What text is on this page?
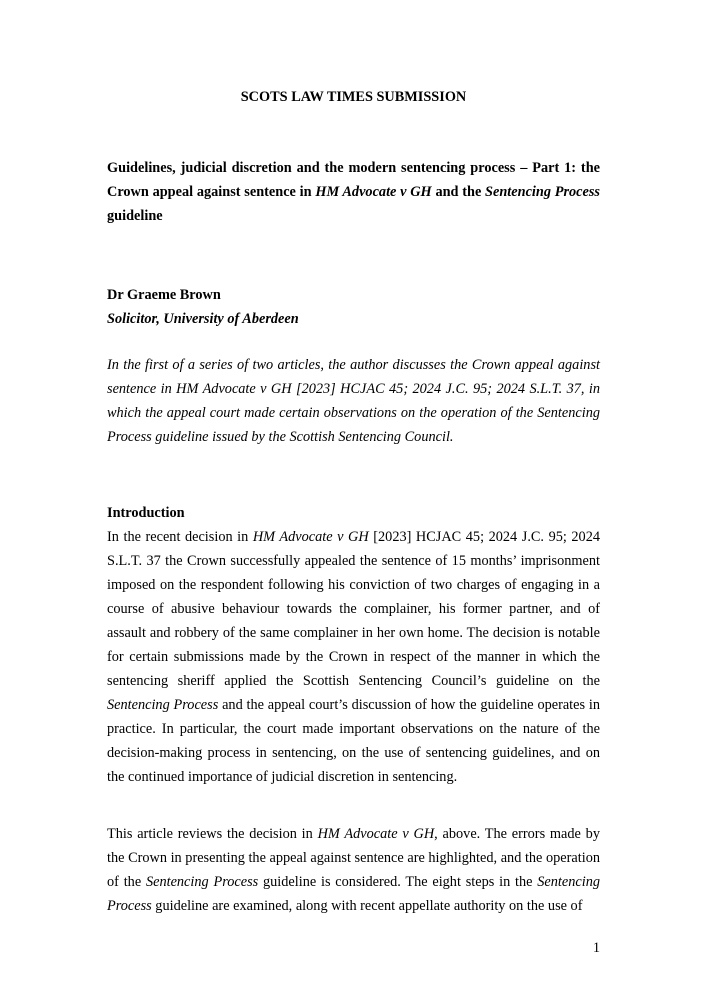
SCOTS LAW TIMES SUBMISSION
Guidelines, judicial discretion and the modern sentencing process – Part 1: the Crown appeal against sentence in HM Advocate v GH and the Sentencing Process guideline
Dr Graeme Brown
Solicitor, University of Aberdeen
In the first of a series of two articles, the author discusses the Crown appeal against sentence in HM Advocate v GH [2023] HCJAC 45; 2024 J.C. 95; 2024 S.L.T. 37, in which the appeal court made certain observations on the operation of the Sentencing Process guideline issued by the Scottish Sentencing Council.
Introduction
In the recent decision in HM Advocate v GH [2023] HCJAC 45; 2024 J.C. 95; 2024 S.L.T. 37 the Crown successfully appealed the sentence of 15 months’ imprisonment imposed on the respondent following his conviction of two charges of engaging in a course of abusive behaviour towards the complainer, his former partner, and of assault and robbery of the same complainer in her own home. The decision is notable for certain submissions made by the Crown in respect of the manner in which the sentencing sheriff applied the Scottish Sentencing Council’s guideline on the Sentencing Process and the appeal court’s discussion of how the guideline operates in practice. In particular, the court made important observations on the nature of the decision-making process in sentencing, on the use of sentencing guidelines, and on the continued importance of judicial discretion in sentencing.
This article reviews the decision in HM Advocate v GH, above. The errors made by the Crown in presenting the appeal against sentence are highlighted, and the operation of the Sentencing Process guideline is considered. The eight steps in the Sentencing Process guideline are examined, along with recent appellate authority on the use of
1
